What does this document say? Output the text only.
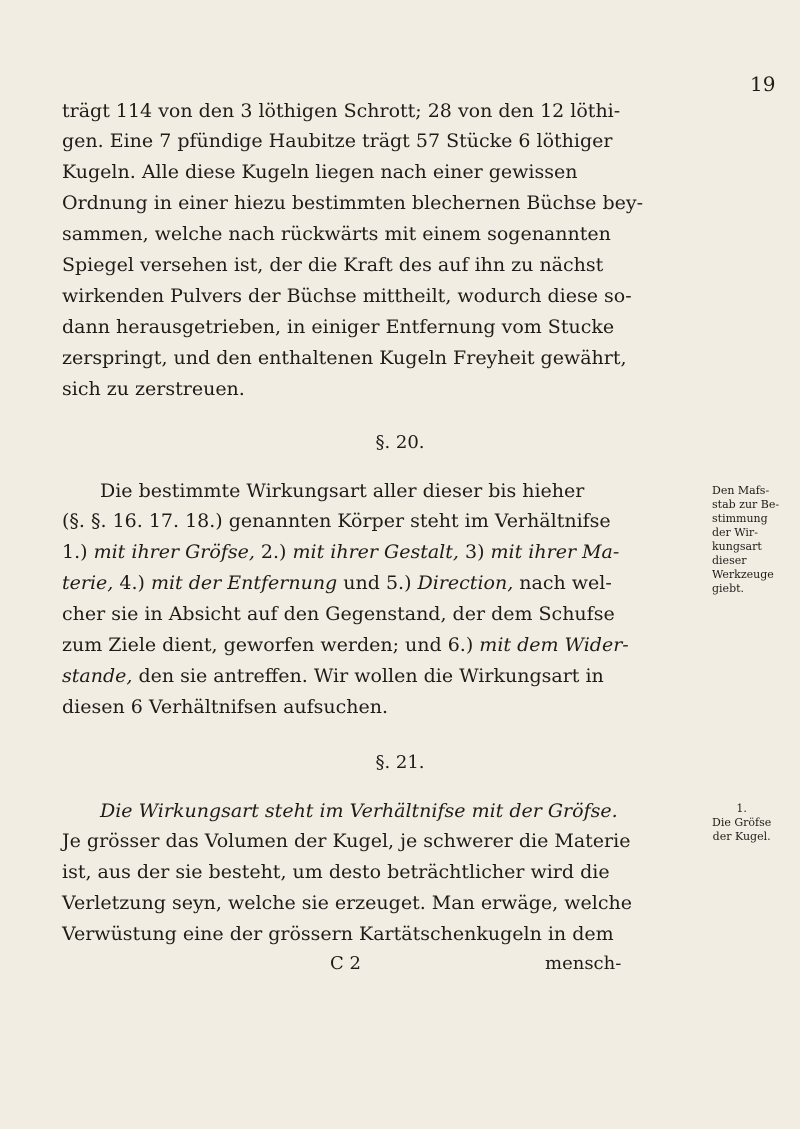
19
trägt 114 von den 3 löthigen Schrott; 28 von den 12 löthi-
gen. Eine 7 pfündige Haubitze trägt 57 Stücke 6 löthiger
Kugeln. Alle diese Kugeln liegen nach einer gewissen
Ordnung in einer hiezu bestimmten blechernen Büchse bey-
sammen, welche nach rückwärts mit einem sogenannten
Spiegel versehen ist, der die Kraft des auf ihn zu nächst
wirkenden Pulvers der Büchse mittheilt, wodurch diese so-
dann herausgetrieben, in einiger Entfernung vom Stucke
zerspringt, und den enthaltenen Kugeln Freyheit gewährt,
sich zu zerstreuen.
§. 20.
Die bestimmte Wirkungsart aller dieser bis hieher
(§. §. 16. 17. 18.) genannten Körper steht im Verhältnifse
1.) mit ihrer Gröfse, 2.) mit ihrer Gestalt, 3) mit ihrer Ma-
terie, 4.) mit der Entfernung und 5.) Direction, nach wel-
cher sie in Absicht auf den Gegenstand, der dem Schufse
zum Ziele dient, geworfen werden; und 6.) mit dem Wider-
stande, den sie antreffen. Wir wollen die Wirkungsart in
diesen 6 Verhältnifsen aufsuchen.
Den Mafs-
stab zur Be-
stimmung
der Wir-
kungsart
dieser
Werkzeuge
giebt.
§. 21.
Die Wirkungsart steht im Verhältnifse mit der Gröfse.
Je grösser das Volumen der Kugel, je schwerer die Materie
ist, aus der sie besteht, um desto beträchtlicher wird die
Verletzung seyn, welche sie erzeuget. Man erwäge, welche
Verwüstung eine der grössern Kartätschenkugeln in dem
1.
Die Gröfse
der Kugel.
C 2	mensch-
